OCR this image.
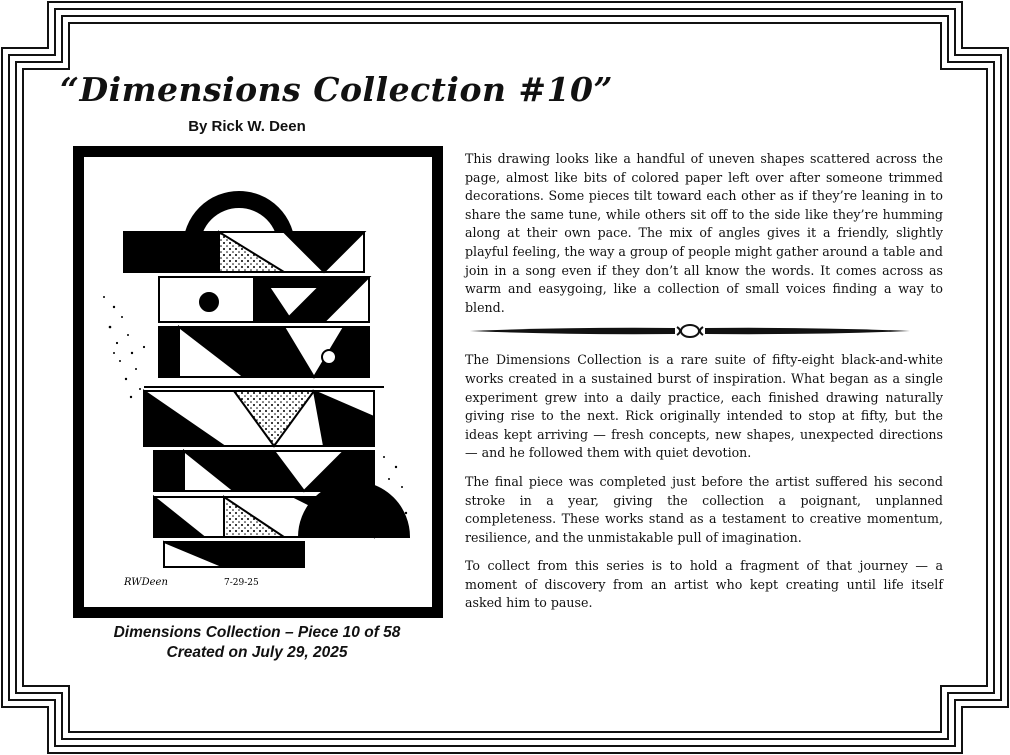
“Dimensions Collection #10”
By Rick W. Deen
RWDeen	7-29-25
Dimensions Collection – Piece 10 of 58
Created on July 29, 2025

This drawing looks like a handful of uneven shapes scattered across the page, almost like bits of colored paper left over after someone trimmed decorations. Some pieces tilt toward each other as if they’re leaning in to share the same tune, while others sit off to the side like they’re humming along at their own pace. The mix of angles gives it a friendly, slightly playful feeling, the way a group of people might gather around a table and join in a song even if they don’t all know the words. It comes across as warm and easygoing, like a collection of small voices finding a way to blend.

The Dimensions Collection is a rare suite of fifty-eight black-and-white works created in a sustained burst of inspiration. What began as a single experiment grew into a daily practice, each finished drawing naturally giving rise to the next. Rick originally intended to stop at fifty, but the ideas kept arriving — fresh concepts, new shapes, unexpected directions — and he followed them with quiet devotion.

The final piece was completed just before the artist suffered his second stroke in a year, giving the collection a poignant, unplanned completeness. These works stand as a testament to creative momentum, resilience, and the unmistakable pull of imagination.

To collect from this series is to hold a fragment of that journey — a moment of discovery from an artist who kept creating until life itself asked him to pause.
